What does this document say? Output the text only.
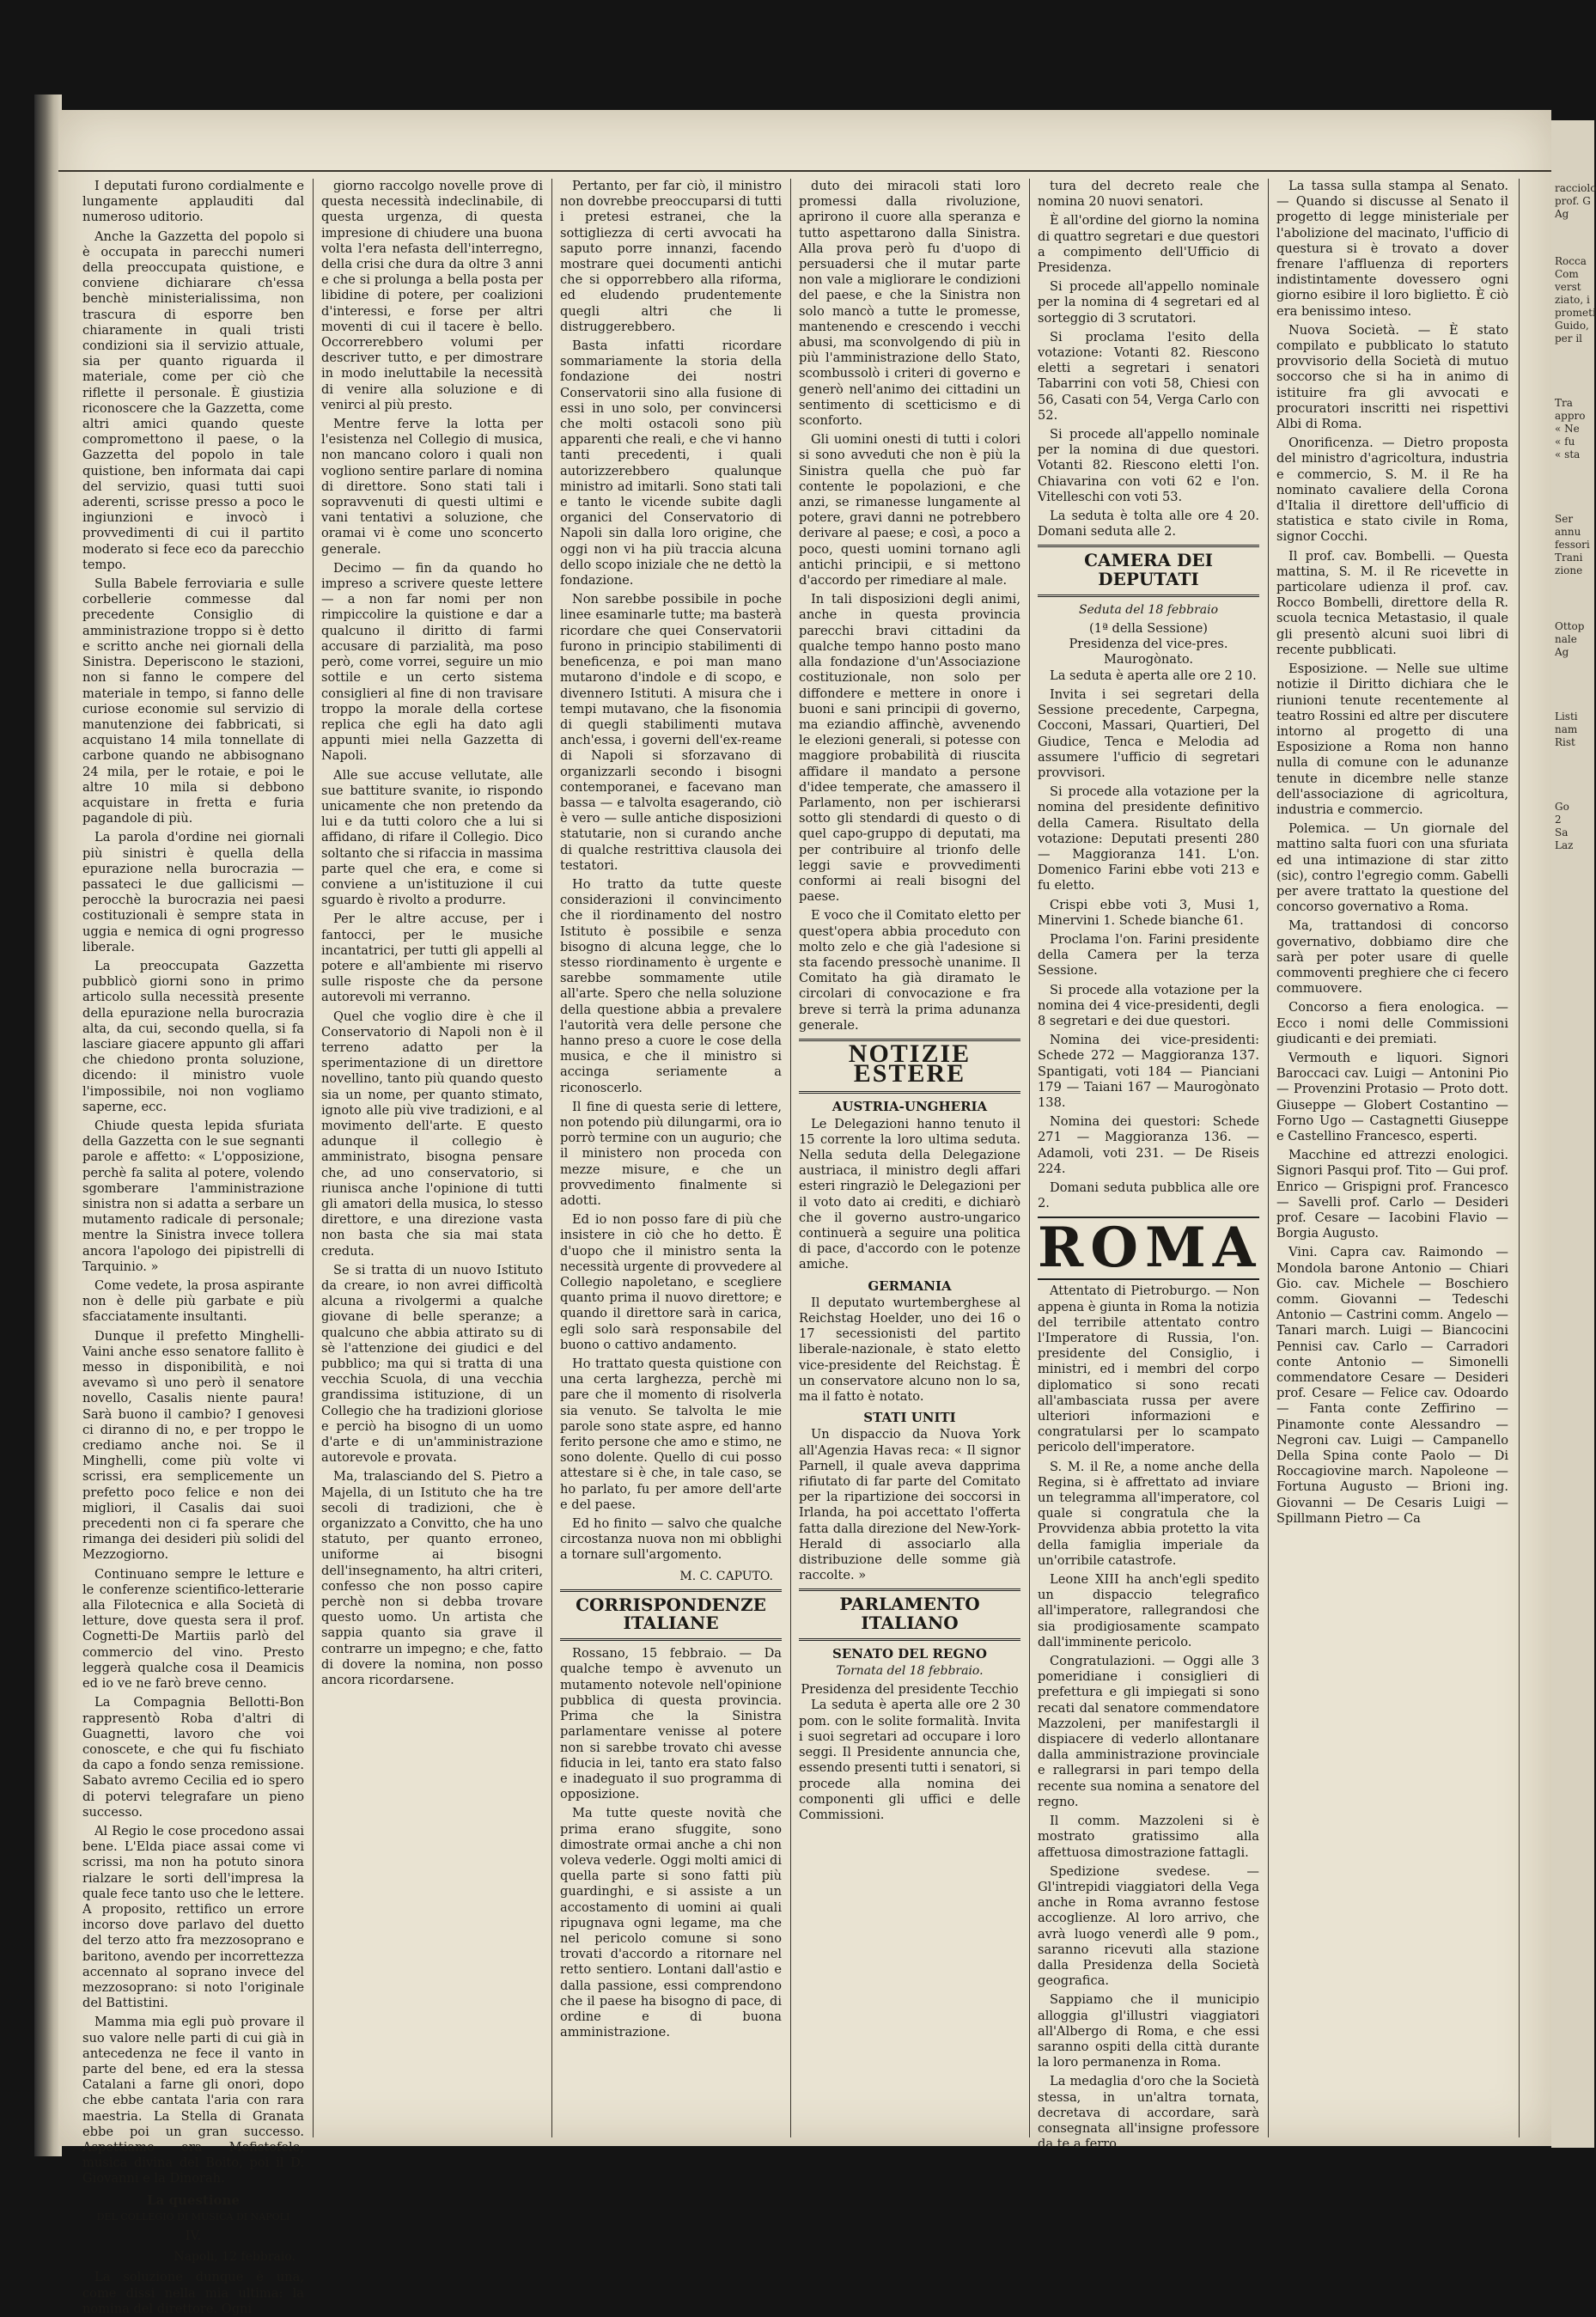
I deputati furono cordialmente e lungamente applauditi dal numeroso uditorio.

Anche la Gazzetta del popolo si è occupata in parecchi numeri della preoccupata quistione, e conviene dichiarare ch'essa benchè ministerialissima, non trascura di esporre ben chiaramente in quali tristi condizioni sia il servizio attuale, sia per quanto riguarda il materiale, come per ciò che riflette il personale. È giustizia riconoscere che la Gazzetta, come altri amici quando queste compromettono il paese, o la Gazzetta del popolo in tale quistione, ben informata dai capi del servizio, quasi tutti suoi aderenti, scrisse presso a poco le ingiunzioni e invocò i provvedimenti di cui il partito moderato si fece eco da parecchio tempo.

Sulla Babele ferroviaria e sulle corbellerie commesse dal precedente Consiglio di amministrazione troppo si è detto e scritto anche nei giornali della Sinistra. Deperiscono le stazioni, non si fanno le compere del materiale in tempo, si fanno delle curiose economie sul servizio di manutenzione dei fabbricati, si acquistano 14 mila tonnellate di carbone quando ne abbisognano 24 mila, per le rotaie, e poi le altre 10 mila si debbono acquistare in fretta e furia pagandole di più.

La parola d'ordine nei giornali più sinistri è quella della epurazione nella burocrazia — passateci le due gallicismi — perocchè la burocrazia nei paesi costituzionali è sempre stata in uggia e nemica di ogni progresso liberale.

La preoccupata Gazzetta pubblicò giorni sono in primo articolo sulla necessità presente della epurazione nella burocrazia alta, da cui, secondo quella, si fa lasciare giacere appunto gli affari che chiedono pronta soluzione, dicendo: il ministro vuole l'impossibile, noi non vogliamo saperne, ecc.

Chiude questa lepida sfuriata della Gazzetta con le sue segnanti parole e affetto: « L'opposizione, perchè fa salita al potere, volendo sgomberare l'amministrazione sinistra non si adatta a serbare un mutamento radicale di personale; mentre la Sinistra invece tollera ancora l'apologo dei pipistrelli di Tarquinio. »

Come vedete, la prosa aspirante non è delle più garbate e più sfacciatamente insultanti.

Dunque il prefetto Minghelli-Vaini anche esso senatore fallito è messo in disponibilità, e noi avevamo sì uno però il senatore novello, Casalis niente paura! Sarà buono il cambio? I genovesi ci diranno di no, e per troppo le crediamo anche noi. Se il Minghelli, come più volte vi scrissi, era semplicemente un prefetto poco felice e non dei migliori, il Casalis dai suoi precedenti non ci fa sperare che rimanga dei desideri più solidi del Mezzogiorno.

Continuano sempre le letture e le conferenze scientifico-letterarie alla Filotecnica e alla Società di letture, dove questa sera il prof. Cognetti-De Martiis parlò del commercio del vino. Presto leggerà qualche cosa il Deamicis ed io ve ne farò breve cenno.

La Compagnia Bellotti-Bon rappresentò Roba d'altri di Guagnetti, lavoro che voi conoscete, e che qui fu fischiato da capo a fondo senza remissione. Sabato avremo Cecilia ed io spero di potervi telegrafare un pieno successo.

Al Regio le cose procedono assai bene. L'Elda piace assai come vi scrissi, ma non ha potuto sinora rialzare le sorti dell'impresa la quale fece tanto uso che le lettere. A proposito, rettifico un errore incorso dove parlavo del duetto del terzo atto fra mezzosoprano e baritono, avendo per incorrettezza accennato al soprano invece del mezzosoprano: si noto l'originale del Battistini.

Mamma mia egli può provare il suo valore nelle parti di cui già in antecedenza ne fece il vanto in parte del bene, ed era la stessa Catalani a farne gli onori, dopo che ebbe cantata l'aria con rara maestria. La Stella di Granata ebbe poi un gran successo. Aspettiamo ora Mefistofele, musica divina del Boito, poi il D. Giovanni e la Dinorah.

La questione
DEL COLLEGIO DI MUSICA DI NAPOLI
IV.
Napoli, 12 febbraio.

La soluzione dunque è una, come dissi nella mia ultima: la nomina del direttore. Ogni

giorno raccolgo novelle prove di questa necessità indeclinabile, di questa urgenza, di questa impresione di chiudere una buona volta l'era nefasta dell'interregno, della crisi che dura da oltre 3 anni e che si prolunga a bella posta per libidine di potere, per coalizioni d'interessi, e forse per altri moventi di cui il tacere è bello. Occorrerebbero volumi per descriver tutto, e per dimostrare in modo ineluttabile la necessità di venire alla soluzione e di venirci al più presto.

Mentre ferve la lotta per l'esistenza nel Collegio di musica, non mancano coloro i quali non vogliono sentire parlare di nomina di direttore. Sono stati tali i sopravvenuti di questi ultimi e vani tentativi a soluzione, che oramai vi è come uno sconcerto generale.

Decimo — fin da quando ho impreso a scrivere queste lettere — a non far nomi per non rimpiccolire la quistione e dar a qualcuno il diritto di farmi accusare di parzialità, ma poso però, come vorrei, seguire un mio sottile e un certo sistema consiglieri al fine di non travisare troppo la morale della cortese replica che egli ha dato agli appunti miei nella Gazzetta di Napoli.

Alle sue accuse vellutate, alle sue battiture svanite, io rispondo unicamente che non pretendo da lui e da tutti coloro che a lui si affidano, di rifare il Collegio. Dico soltanto che si rifaccia in massima parte quel che era, e come si conviene a un'istituzione il cui sguardo è rivolto a produrre.

Per le altre accuse, per i fantocci, per le musiche incantatrici, per tutti gli appelli al potere e all'ambiente mi riservo sulle risposte che da persone autorevoli mi verranno.

Quel che voglio dire è che il Conservatorio di Napoli non è il terreno adatto per la sperimentazione di un direttore novellino, tanto più quando questo sia un nome, per quanto stimato, ignoto alle più vive tradizioni, e al movimento dell'arte. E questo adunque il collegio è amministrato, bisogna pensare che, ad uno conservatorio, si riunisca anche l'opinione di tutti gli amatori della musica, lo stesso direttore, e una direzione vasta non basta che sia mai stata creduta.

Se si tratta di un nuovo Istituto da creare, io non avrei difficoltà alcuna a rivolgermi a qualche giovane di belle speranze; a qualcuno che abbia attirato su di sè l'attenzione dei giudici e del pubblico; ma qui si tratta di una vecchia Scuola, di una vecchia grandissima istituzione, di un Collegio che ha tradizioni gloriose e perciò ha bisogno di un uomo d'arte e di un'amministrazione autorevole e provata.

Ma, tralasciando del S. Pietro a Majella, di un Istituto che ha tre secoli di tradizioni, che è organizzato a Convitto, che ha uno statuto, per quanto erroneo, uniforme ai bisogni dell'insegnamento, ha altri criteri, confesso che non posso capire perchè non si debba trovare questo uomo. Un artista che sappia quanto sia grave il contrarre un impegno; e che, fatto di dovere la nomina, non posso ancora ricordarsene.

Pertanto, per far ciò, il ministro non dovrebbe preoccuparsi di tutti i pretesi estranei, che la sottigliezza di certi avvocati ha saputo porre innanzi, facendo mostrare quei documenti antichi che si opporrebbero alla riforma, ed eludendo prudentemente quegli altri che li distruggerebbero.

Basta infatti ricordare sommariamente la storia della fondazione dei nostri Conservatorii sino alla fusione di essi in uno solo, per convincersi che molti ostacoli sono più apparenti che reali, e che vi hanno tanti precedenti, i quali autorizzerebbero qualunque ministro ad imitarli. Sono stati tali e tanto le vicende subite dagli organici del Conservatorio di Napoli sin dalla loro origine, che oggi non vi ha più traccia alcuna dello scopo iniziale che ne dettò la fondazione.

Non sarebbe possibile in poche linee esaminarle tutte; ma basterà ricordare che quei Conservatorii furono in principio stabilimenti di beneficenza, e poi man mano mutarono d'indole e di scopo, e divennero Istituti. A misura che i tempi mutavano, che la fisonomia di quegli stabilimenti mutava anch'essa, i governi dell'ex-reame di Napoli si sforzavano di organizzarli secondo i bisogni contemporanei, e facevano man bassa — e talvolta esagerando, ciò è vero — sulle antiche disposizioni statutarie, non si curando anche di qualche restrittiva clausola dei testatori.

Ho tratto da tutte queste considerazioni il convincimento che il riordinamento del nostro Istituto è possibile e senza bisogno di alcuna legge, che lo stesso riordinamento è urgente e sarebbe sommamente utile all'arte. Spero che nella soluzione della questione abbia a prevalere l'autorità vera delle persone che hanno preso a cuore le cose della musica, e che il ministro si accinga seriamente a riconoscerlo.

Il fine di questa serie di lettere, non potendo più dilungarmi, ora io porrò termine con un augurio; che il ministero non proceda con mezze misure, e che un provvedimento finalmente si adotti.

Ed io non posso fare di più che insistere in ciò che ho detto. È d'uopo che il ministro senta la necessità urgente di provvedere al Collegio napoletano, e scegliere quanto prima il nuovo direttore; e quando il direttore sarà in carica, egli solo sarà responsabile del buono o cattivo andamento.

Ho trattato questa quistione con una certa larghezza, perchè mi pare che il momento di risolverla sia venuto. Se talvolta le mie parole sono state aspre, ed hanno ferito persone che amo e stimo, ne sono dolente. Quello di cui posso attestare si è che, in tale caso, se ho parlato, fu per amore dell'arte e del paese.

Ed ho finito — salvo che qualche circostanza nuova non mi obblighi a tornare sull'argomento.

M. C. CAPUTO.
CORRISPONDENZE ITALIANE

Rossano, 15 febbraio. — Da qualche tempo è avvenuto un mutamento notevole nell'opinione pubblica di questa provincia. Prima che la Sinistra parlamentare venisse al potere non si sarebbe trovato chi avesse fiducia in lei, tanto era stato falso e inadeguato il suo programma di opposizione.

Ma tutte queste novità che prima erano sfuggite, sono dimostrate ormai anche a chi non voleva vederle. Oggi molti amici di quella parte si sono fatti più guardinghi, e si assiste a un accostamento di uomini ai quali ripugnava ogni legame, ma che nel pericolo comune si sono trovati d'accordo a ritornare nel retto sentiero. Lontani dall'astio e dalla passione, essi comprendono che il paese ha bisogno di pace, di ordine e di buona amministrazione.

duto dei miracoli stati loro promessi dalla rivoluzione, aprirono il cuore alla speranza e tutto aspettarono dalla Sinistra. Alla prova però fu d'uopo di persuadersi che il mutar parte non vale a migliorare le condizioni del paese, e che la Sinistra non solo mancò a tutte le promesse, mantenendo e crescendo i vecchi abusi, ma sconvolgendo di più in più l'amministrazione dello Stato, scombussolò i criteri di governo e generò nell'animo dei cittadini un sentimento di scetticismo e di sconforto.

Gli uomini onesti di tutti i colori si sono avveduti che non è più la Sinistra quella che può far contente le popolazioni, e che anzi, se rimanesse lungamente al potere, gravi danni ne potrebbero derivare al paese; e così, a poco a poco, questi uomini tornano agli antichi principii, e si mettono d'accordo per rimediare al male.

In tali disposizioni degli animi, anche in questa provincia parecchi bravi cittadini da qualche tempo hanno posto mano alla fondazione d'un'Associazione costituzionale, non solo per diffondere e mettere in onore i buoni e sani principii di governo, ma eziandio affinchè, avvenendo le elezioni generali, si potesse con maggiore probabilità di riuscita affidare il mandato a persone d'idee temperate, che amassero il Parlamento, non per ischierarsi sotto gli stendardi di questo o di quel capo-gruppo di deputati, ma per contribuire al trionfo delle leggi savie e provvedimenti conformi ai reali bisogni del paese.

E voco che il Comitato eletto per quest'opera abbia proceduto con molto zelo e che già l'adesione si sta facendo pressochè unanime. Il Comitato ha già diramato le circolari di convocazione e fra breve si terrà la prima adunanza generale.

NOTIZIE ESTERE
AUSTRIA-UNGHERIA

Le Delegazioni hanno tenuto il 15 corrente la loro ultima seduta. Nella seduta della Delegazione austriaca, il ministro degli affari esteri ringraziò le Delegazioni per il voto dato ai crediti, e dichiarò che il governo austro-ungarico continuerà a seguire una politica di pace, d'accordo con le potenze amiche.

GERMANIA

Il deputato wurtemberghese al Reichstag Hoelder, uno dei 16 o 17 secessionisti del partito liberale-nazionale, è stato eletto vice-presidente del Reichstag. È un conservatore alcuno non lo sa, ma il fatto è notato.

STATI UNITI

Un dispaccio da Nuova York all'Agenzia Havas reca: « Il signor Parnell, il quale aveva dapprima rifiutato di far parte del Comitato per la ripartizione dei soccorsi in Irlanda, ha poi accettato l'offerta fatta dalla direzione del New-York-Herald di associarlo alla distribuzione delle somme già raccolte. »

PARLAMENTO ITALIANO
SENATO DEL REGNO
Tornata del 18 febbraio.
Presidenza del presidente Tecchio

La seduta è aperta alle ore 2 30 pom. con le solite formalità. Invita i suoi segretari ad occupare i loro seggi. Il Presidente annuncia che, essendo presenti tutti i senatori, si procede alla nomina dei componenti gli uffici e delle Commissioni.

tura del decreto reale che nomina 20 nuovi senatori.

È all'ordine del giorno la nomina di quattro segretari e due questori a compimento dell'Ufficio di Presidenza.

Si procede all'appello nominale per la nomina di 4 segretari ed al sorteggio di 3 scrutatori.

Si proclama l'esito della votazione: Votanti 82. Riescono eletti a segretari i senatori Tabarrini con voti 58, Chiesi con 56, Casati con 54, Verga Carlo con 52.

Si procede all'appello nominale per la nomina di due questori. Votanti 82. Riescono eletti l'on. Chiavarina con voti 62 e l'on. Vitelleschi con voti 53.

La seduta è tolta alle ore 4 20. Domani seduta alle 2.

CAMERA DEI DEPUTATI
Seduta del 18 febbraio
(1ª della Sessione)
Presidenza del vice-pres. Maurogònato.

La seduta è aperta alle ore 2 10.

Invita i sei segretari della Sessione precedente, Carpegna, Cocconi, Massari, Quartieri, Del Giudice, Tenca e Melodia ad assumere l'ufficio di segretari provvisori.

Si procede alla votazione per la nomina del presidente definitivo della Camera. Risultato della votazione: Deputati presenti 280 — Maggioranza 141. L'on. Domenico Farini ebbe voti 213 e fu eletto.

Crispi ebbe voti 3, Musi 1, Minervini 1. Schede bianche 61.

Proclama l'on. Farini presidente della Camera per la terza Sessione.

Si procede alla votazione per la nomina dei 4 vice-presidenti, degli 8 segretari e dei due questori.

Nomina dei vice-presidenti: Schede 272 — Maggioranza 137. Spantigati, voti 184 — Pianciani 179 — Taiani 167 — Maurogònato 138.

Nomina dei questori: Schede 271 — Maggioranza 136. — Adamoli, voti 231. — De Riseis 224.

Domani seduta pubblica alle ore 2.

ROMA

Attentato di Pietroburgo. — Non appena è giunta in Roma la notizia del terribile attentato contro l'Imperatore di Russia, l'on. presidente del Consiglio, i ministri, ed i membri del corpo diplomatico si sono recati all'ambasciata russa per avere ulteriori informazioni e congratularsi per lo scampato pericolo dell'imperatore.

S. M. il Re, a nome anche della Regina, si è affrettato ad inviare un telegramma all'imperatore, col quale si congratula che la Provvidenza abbia protetto la vita della famiglia imperiale da un'orribile catastrofe.

Leone XIII ha anch'egli spedito un dispaccio telegrafico all'imperatore, rallegrandosi che sia prodigiosamente scampato dall'imminente pericolo.

Congratulazioni. — Oggi alle 3 pomeridiane i consiglieri di prefettura e gli impiegati si sono recati dal senatore commendatore Mazzoleni, per manifestargli il dispiacere di vederlo allontanare dalla amministrazione provinciale e rallegrarsi in pari tempo della recente sua nomina a senatore del regno.

Il comm. Mazzoleni si è mostrato gratissimo alla affettuosa dimostrazione fattagli.

Spedizione svedese. — Gl'intrepidi viaggiatori della Vega anche in Roma avranno festose accoglienze. Al loro arrivo, che avrà luogo venerdì alle 9 pom., saranno ricevuti alla stazione dalla Presidenza della Società geografica.

Sappiamo che il municipio alloggia gl'illustri viaggiatori all'Albergo di Roma, e che essi saranno ospiti della città durante la loro permanenza in Roma.

La medaglia d'oro che la Società stessa, in un'altra tornata, decretava di accordare, sarà consegnata all'insigne professore da te a ferro.

La tassa sulla stampa al Senato. — Quando si discusse al Senato il progetto di legge ministeriale per l'abolizione del macinato, l'ufficio di questura si è trovato a dover frenare l'affluenza di reporters indistintamente dovessero ogni giorno esibire il loro biglietto. È ciò era benissimo inteso.

Nuova Società. — È stato compilato e pubblicato lo statuto provvisorio della Società di mutuo soccorso che si ha in animo di istituire fra gli avvocati e procuratori inscritti nei rispettivi Albi di Roma.

Onorificenza. — Dietro proposta del ministro d'agricoltura, industria e commercio, S. M. il Re ha nominato cavaliere della Corona d'Italia il direttore dell'ufficio di statistica e stato civile in Roma, signor Cocchi.

Il prof. cav. Bombelli. — Questa mattina, S. M. il Re ricevette in particolare udienza il prof. cav. Rocco Bombelli, direttore della R. scuola tecnica Metastasio, il quale gli presentò alcuni suoi libri di recente pubblicati.

Esposizione. — Nelle sue ultime notizie il Diritto dichiara che le riunioni tenute recentemente al teatro Rossini ed altre per discutere intorno al progetto di una Esposizione a Roma non hanno nulla di comune con le adunanze tenute in dicembre nelle stanze dell'associazione di agricoltura, industria e commercio.

Polemica. — Un giornale del mattino salta fuori con una sfuriata ed una intimazione di star zitto (sic), contro l'egregio comm. Gabelli per avere trattato la questione del concorso governativo a Roma.

Ma, trattandosi di concorso governativo, dobbiamo dire che sarà per poter usare di quelle commoventi preghiere che ci fecero commuovere.

Concorso a fiera enologica. — Ecco i nomi delle Commissioni giudicanti e dei premiati.

Vermouth e liquori. Signori Baroccaci cav. Luigi — Antonini Pio — Provenzini Protasio — Proto dott. Giuseppe — Globert Costantino — Forno Ugo — Castagnetti Giuseppe e Castellino Francesco, esperti.

Macchine ed attrezzi enologici. Signori Pasqui prof. Tito — Gui prof. Enrico — Grispigni prof. Francesco — Savelli prof. Carlo — Desideri prof. Cesare — Iacobini Flavio — Borgia Augusto.

Vini. Capra cav. Raimondo — Mondola barone Antonio — Chiari Gio. cav. Michele — Boschiero comm. Giovanni — Tedeschi Antonio — Castrini comm. Angelo — Tanari march. Luigi — Biancocini Pennisi cav. Carlo — Carradori conte Antonio — Simonelli commendatore Cesare — Desideri prof. Cesare — Felice cav. Odoardo — Fanta conte Zeffirino — Pinamonte conte Alessandro — Negroni cav. Luigi — Campanello Della Spina conte Paolo — Di Roccagiovine march. Napoleone — Fortuna Augusto — Brioni ing. Giovanni — De Cesaris Luigi — Spillmann Pietro — Ca

racciolo
prof. G
Ag
Rocca
Com
verst
ziato, i
prometi
Guido,
per il
Tra
appro
« Ne
« fu
« sta
Ser
annu
fessori
Trani
zione
Ottop
nale
Ag
Listi
nam
Rist
Go
2
Sa
Laz
